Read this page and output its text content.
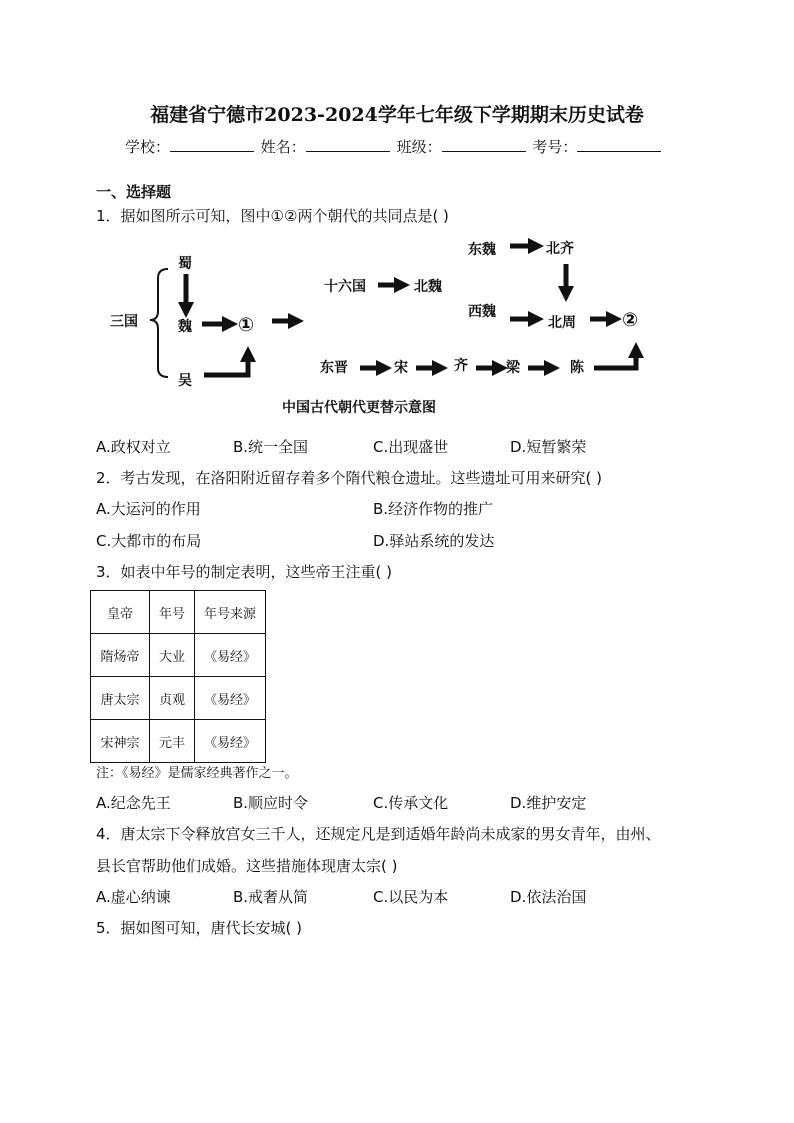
福建省宁德市2023-2024学年七年级下学期期末历史试卷
学校：	姓名：	班级：	考号：
一、选择题
1．据如图所示可知，图中①②两个朝代的共同点是( )
三国
蜀
魏
吴
①
十六国	北魏
东魏	北齐
西魏
北周 ②
东晋	宋	齐	梁	陈
中国古代朝代更替示意图
A.政权对立	B.统一全国	C.出现盛世	D.短暂繁荣
2．考古发现，在洛阳附近留存着多个隋代粮仓遗址。这些遗址可用来研究( )
A.大运河的作用	B.经济作物的推广
C.大都市的布局	D.驿站系统的发达
3．如表中年号的制定表明，这些帝王注重( )
皇帝	年号	年号来源
隋炀帝	大业	《易经》
唐太宗	贞观	《易经》
宋神宗	元丰	《易经》
注：《易经》是儒家经典著作之一。
A.纪念先王	B.顺应时令	C.传承文化	D.维护安定
4．唐太宗下令释放宫女三千人，还规定凡是到适婚年龄尚未成家的男女青年，由州、
县长官帮助他们成婚。这些措施体现唐太宗( )
A.虚心纳谏	B.戒奢从简	C.以民为本	D.依法治国
5．据如图可知，唐代长安城( )
